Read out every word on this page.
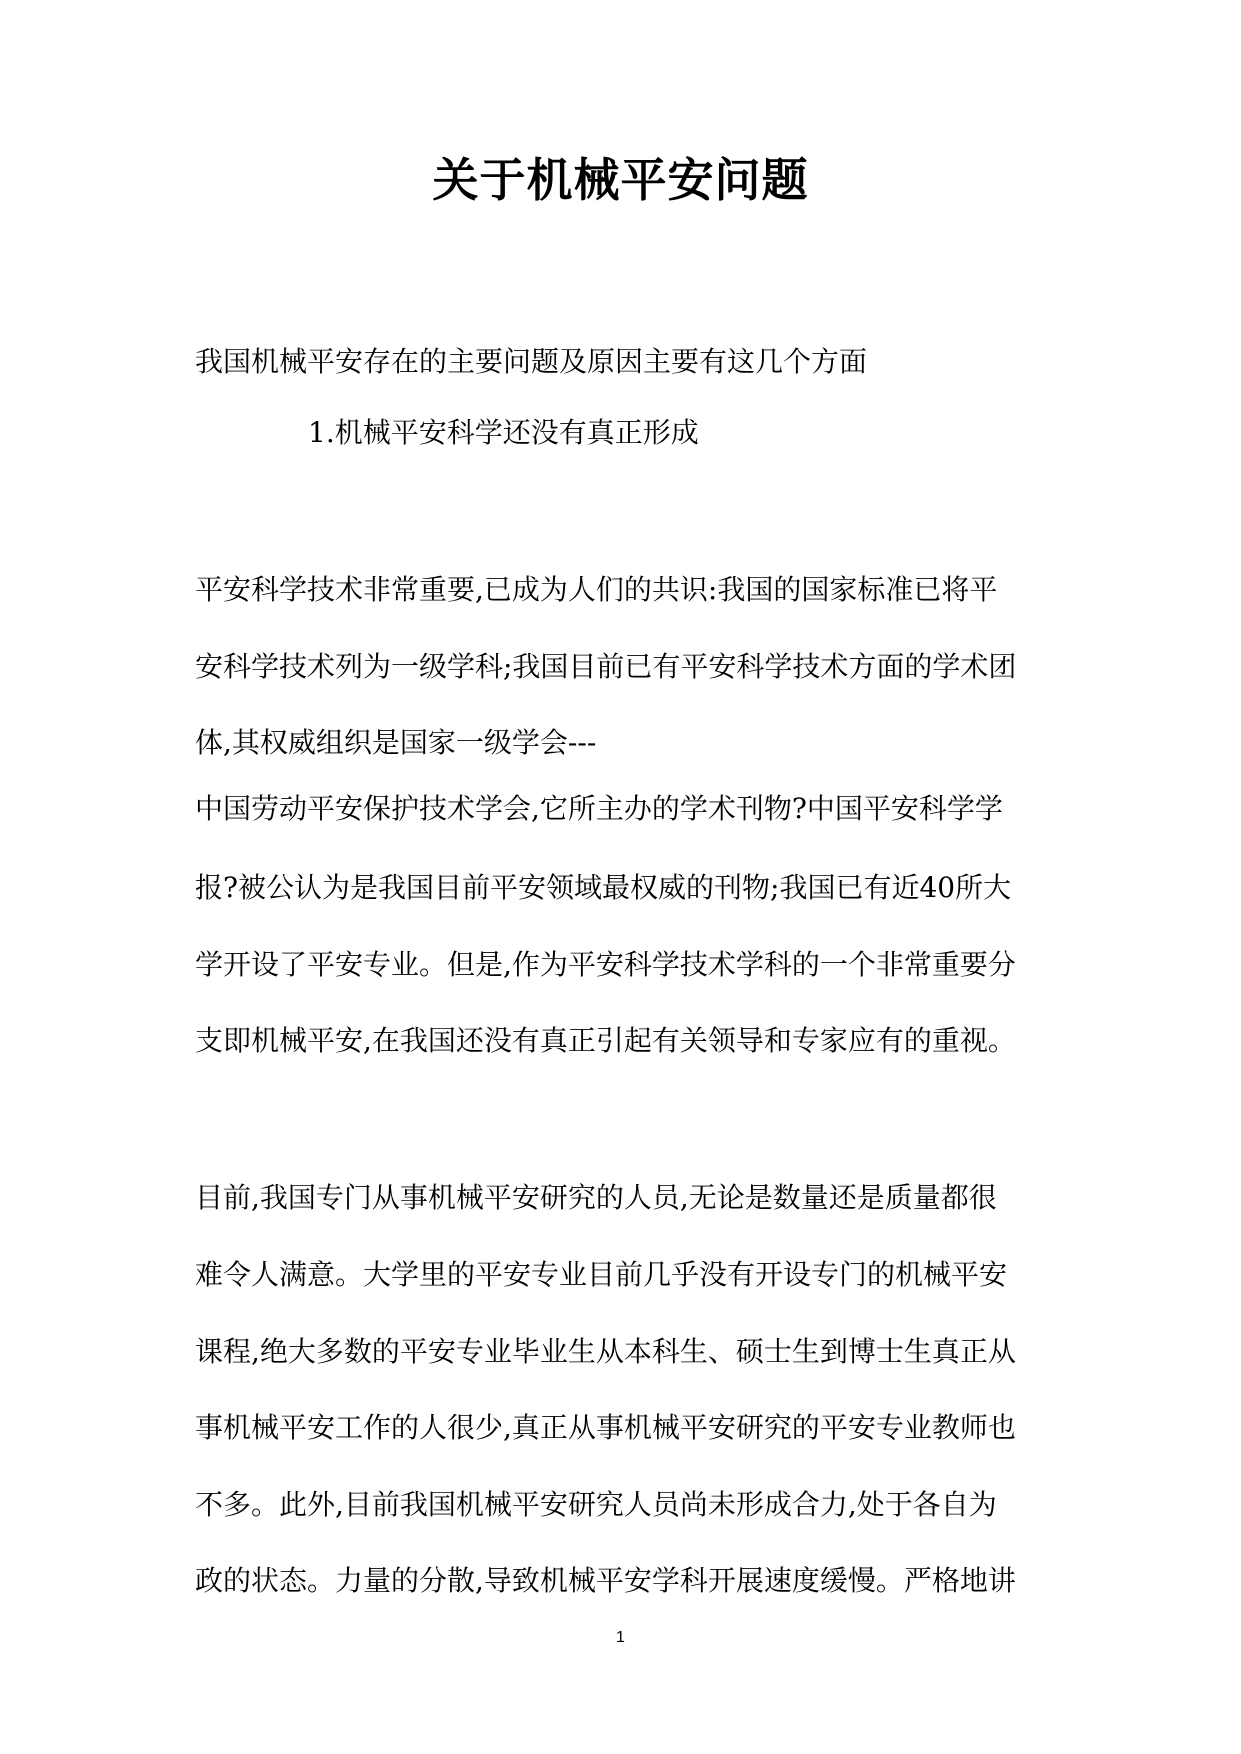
关于机械平安问题
我国机械平安存在的主要问题及原因主要有这几个方面
1.机械平安科学还没有真正形成
平安科学技术非常重要,已成为人们的共识:我国的国家标准已将平
安科学技术列为一级学科;我国目前已有平安科学技术方面的学术团
体,其权威组织是国家一级学会---
中国劳动平安保护技术学会,它所主办的学术刊物?中国平安科学学
报?被公认为是我国目前平安领域最权威的刊物;我国已有近40所大
学开设了平安专业。但是,作为平安科学技术学科的一个非常重要分
支即机械平安,在我国还没有真正引起有关领导和专家应有的重视。
目前,我国专门从事机械平安研究的人员,无论是数量还是质量都很
难令人满意。大学里的平安专业目前几乎没有开设专门的机械平安
课程,绝大多数的平安专业毕业生从本科生、硕士生到博士生真正从
事机械平安工作的人很少,真正从事机械平安研究的平安专业教师也
不多。此外,目前我国机械平安研究人员尚未形成合力,处于各自为
政的状态。力量的分散,导致机械平安学科开展速度缓慢。严格地讲
1
